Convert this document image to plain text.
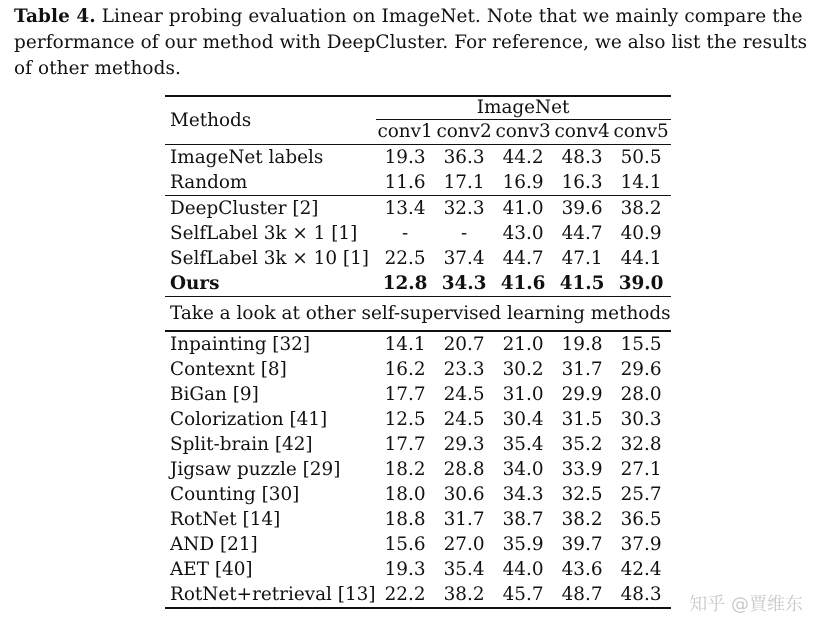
Table 4. Linear probing evaluation on ImageNet. Note that we mainly compare the performance of our method with DeepCluster. For reference, we also list the results of other methods.
Methods	ImageNet				
	conv1	conv2	conv3	conv4	conv5
ImageNet labels	19.3	36.3	44.2	48.3	50.5
Random	11.6	17.1	16.9	16.3	14.1
DeepCluster [2]	13.4	32.3	41.0	39.6	38.2
SelfLabel 3k × 1 [1]	-	-	43.0	44.7	40.9
SelfLabel 3k × 10 [1]	22.5	37.4	44.7	47.1	44.1
Ours	12.8	34.3	41.6	41.5	39.0
Take a look at other self-supervised learning methods					
Inpainting [32]	14.1	20.7	21.0	19.8	15.5
Contexnt [8]	16.2	23.3	30.2	31.7	29.6
BiGan [9]	17.7	24.5	31.0	29.9	28.0
Colorization [41]	12.5	24.5	30.4	31.5	30.3
Split-brain [42]	17.7	29.3	35.4	35.2	32.8
Jigsaw puzzle [29]	18.2	28.8	34.0	33.9	27.1
Counting [30]	18.0	30.6	34.3	32.5	25.7
RotNet [14]	18.8	31.7	38.7	38.2	36.5
AND [21]	15.6	27.0	35.9	39.7	37.9
AET [40]	19.3	35.4	44.0	43.6	42.4
RotNet+retrieval [13]	22.2	38.2	45.7	48.7	48.3 知乎 @賈维东
